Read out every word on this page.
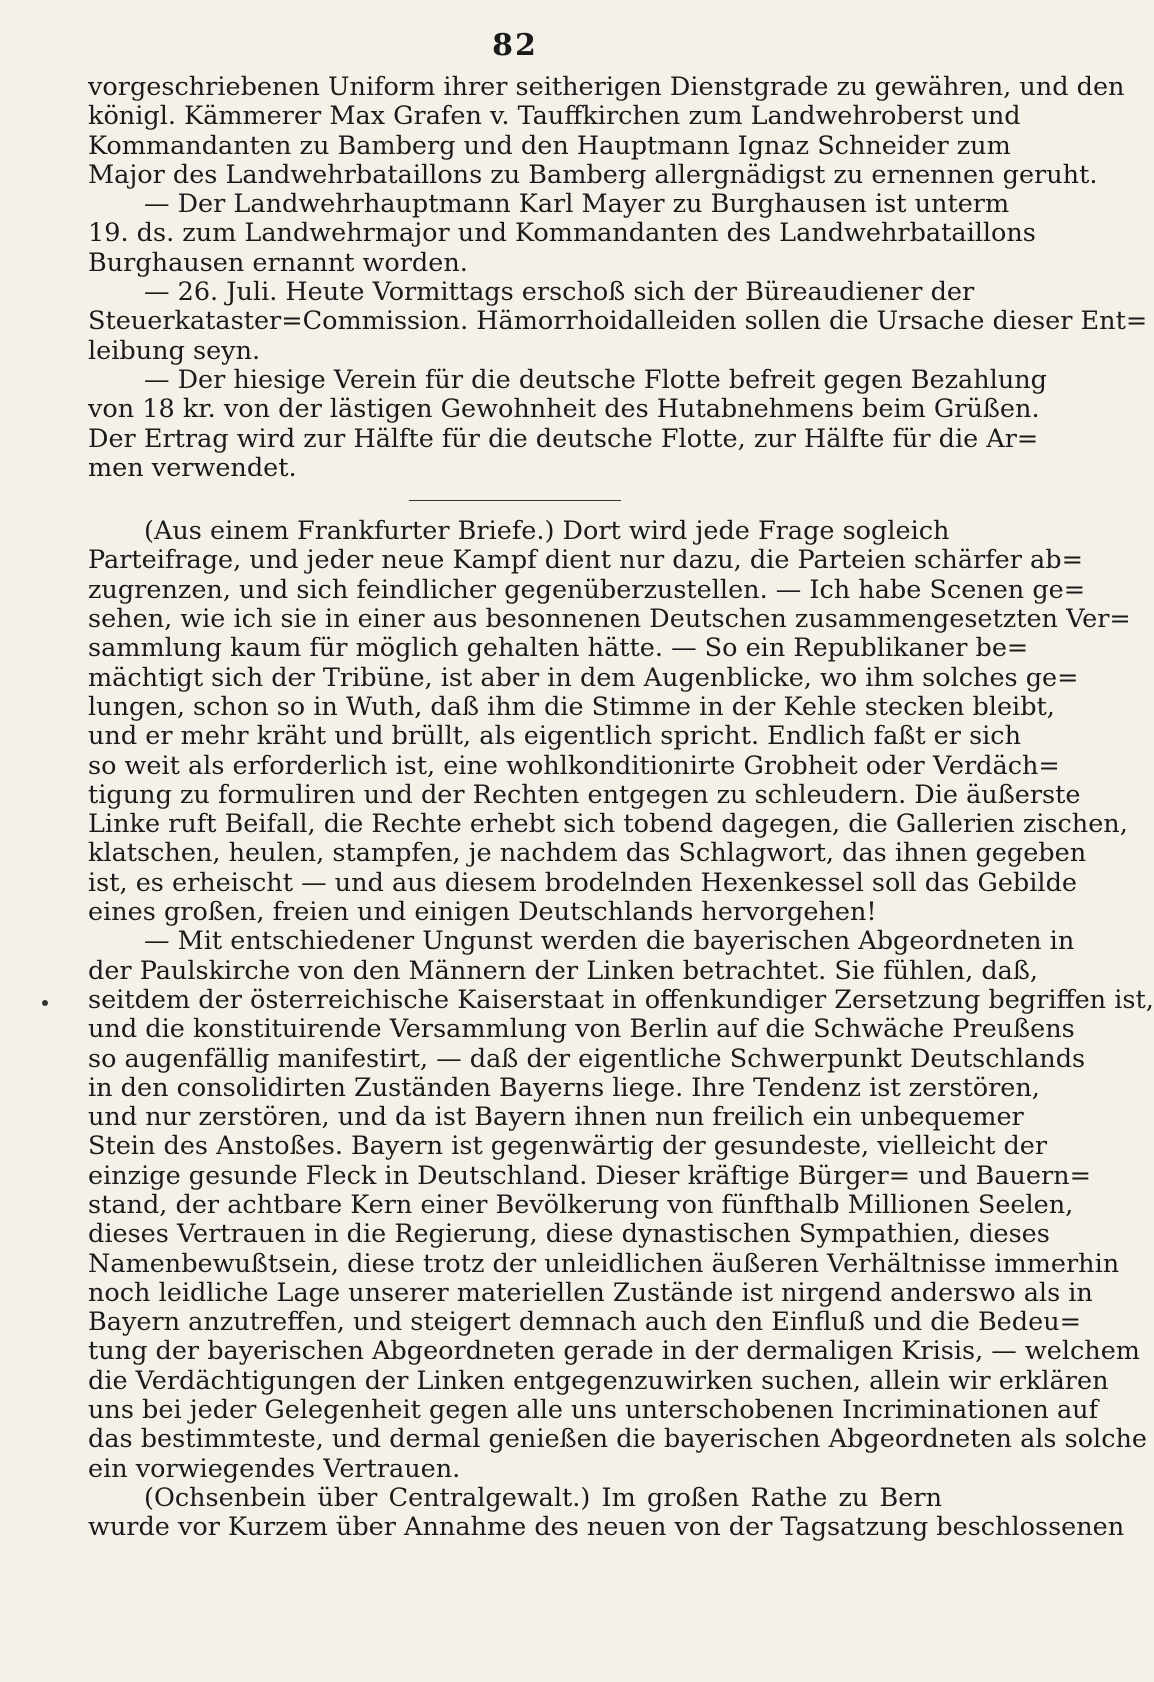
82
vorgeschriebenen Uniform ihrer seitherigen Dienstgrade zu gewähren, und den
königl. Kämmerer Max Grafen v. Tauffkirchen zum Landwehroberst und
Kommandanten zu Bamberg und den Hauptmann Ignaz Schneider zum
Major des Landwehrbataillons zu Bamberg allergnädigst zu ernennen geruht.
— Der Landwehrhauptmann Karl Mayer zu Burghausen ist unterm
19. ds. zum Landwehrmajor und Kommandanten des Landwehrbataillons
Burghausen ernannt worden.
— 26. Juli. Heute Vormittags erschoß sich der Büreaudiener der
Steuerkataster=Commission. Hämorrhoidalleiden sollen die Ursache dieser Ent=
leibung seyn.
— Der hiesige Verein für die deutsche Flotte befreit gegen Bezahlung
von 18 kr. von der lästigen Gewohnheit des Hutabnehmens beim Grüßen.
Der Ertrag wird zur Hälfte für die deutsche Flotte, zur Hälfte für die Ar=
men verwendet.
(Aus einem Frankfurter Briefe.) Dort wird jede Frage sogleich
Parteifrage, und jeder neue Kampf dient nur dazu, die Parteien schärfer ab=
zugrenzen, und sich feindlicher gegenüberzustellen. — Ich habe Scenen ge=
sehen, wie ich sie in einer aus besonnenen Deutschen zusammengesetzten Ver=
sammlung kaum für möglich gehalten hätte. — So ein Republikaner be=
mächtigt sich der Tribüne, ist aber in dem Augenblicke, wo ihm solches ge=
lungen, schon so in Wuth, daß ihm die Stimme in der Kehle stecken bleibt,
und er mehr kräht und brüllt, als eigentlich spricht. Endlich faßt er sich
so weit als erforderlich ist, eine wohlkonditionirte Grobheit oder Verdäch=
tigung zu formuliren und der Rechten entgegen zu schleudern. Die äußerste
Linke ruft Beifall, die Rechte erhebt sich tobend dagegen, die Gallerien zischen,
klatschen, heulen, stampfen, je nachdem das Schlagwort, das ihnen gegeben
ist, es erheischt — und aus diesem brodelnden Hexenkessel soll das Gebilde
eines großen, freien und einigen Deutschlands hervorgehen!
— Mit entschiedener Ungunst werden die bayerischen Abgeordneten in
der Paulskirche von den Männern der Linken betrachtet. Sie fühlen, daß,
seitdem der österreichische Kaiserstaat in offenkundiger Zersetzung begriffen ist,
und die konstituirende Versammlung von Berlin auf die Schwäche Preußens
so augenfällig manifestirt, — daß der eigentliche Schwerpunkt Deutschlands
in den consolidirten Zuständen Bayerns liege. Ihre Tendenz ist zerstören,
und nur zerstören, und da ist Bayern ihnen nun freilich ein unbequemer
Stein des Anstoßes. Bayern ist gegenwärtig der gesundeste, vielleicht der
einzige gesunde Fleck in Deutschland. Dieser kräftige Bürger= und Bauern=
stand, der achtbare Kern einer Bevölkerung von fünfthalb Millionen Seelen,
dieses Vertrauen in die Regierung, diese dynastischen Sympathien, dieses
Namenbewußtsein, diese trotz der unleidlichen äußeren Verhältnisse immerhin
noch leidliche Lage unserer materiellen Zustände ist nirgend anderswo als in
Bayern anzutreffen, und steigert demnach auch den Einfluß und die Bedeu=
tung der bayerischen Abgeordneten gerade in der dermaligen Krisis, — welchem
die Verdächtigungen der Linken entgegenzuwirken suchen, allein wir erklären
uns bei jeder Gelegenheit gegen alle uns unterschobenen Incriminationen auf
das bestimmteste, und dermal genießen die bayerischen Abgeordneten als solche
ein vorwiegendes Vertrauen.
(Ochsenbein über Centralgewalt.) Im großen Rathe zu Bern
wurde vor Kurzem über Annahme des neuen von der Tagsatzung beschlossenen
